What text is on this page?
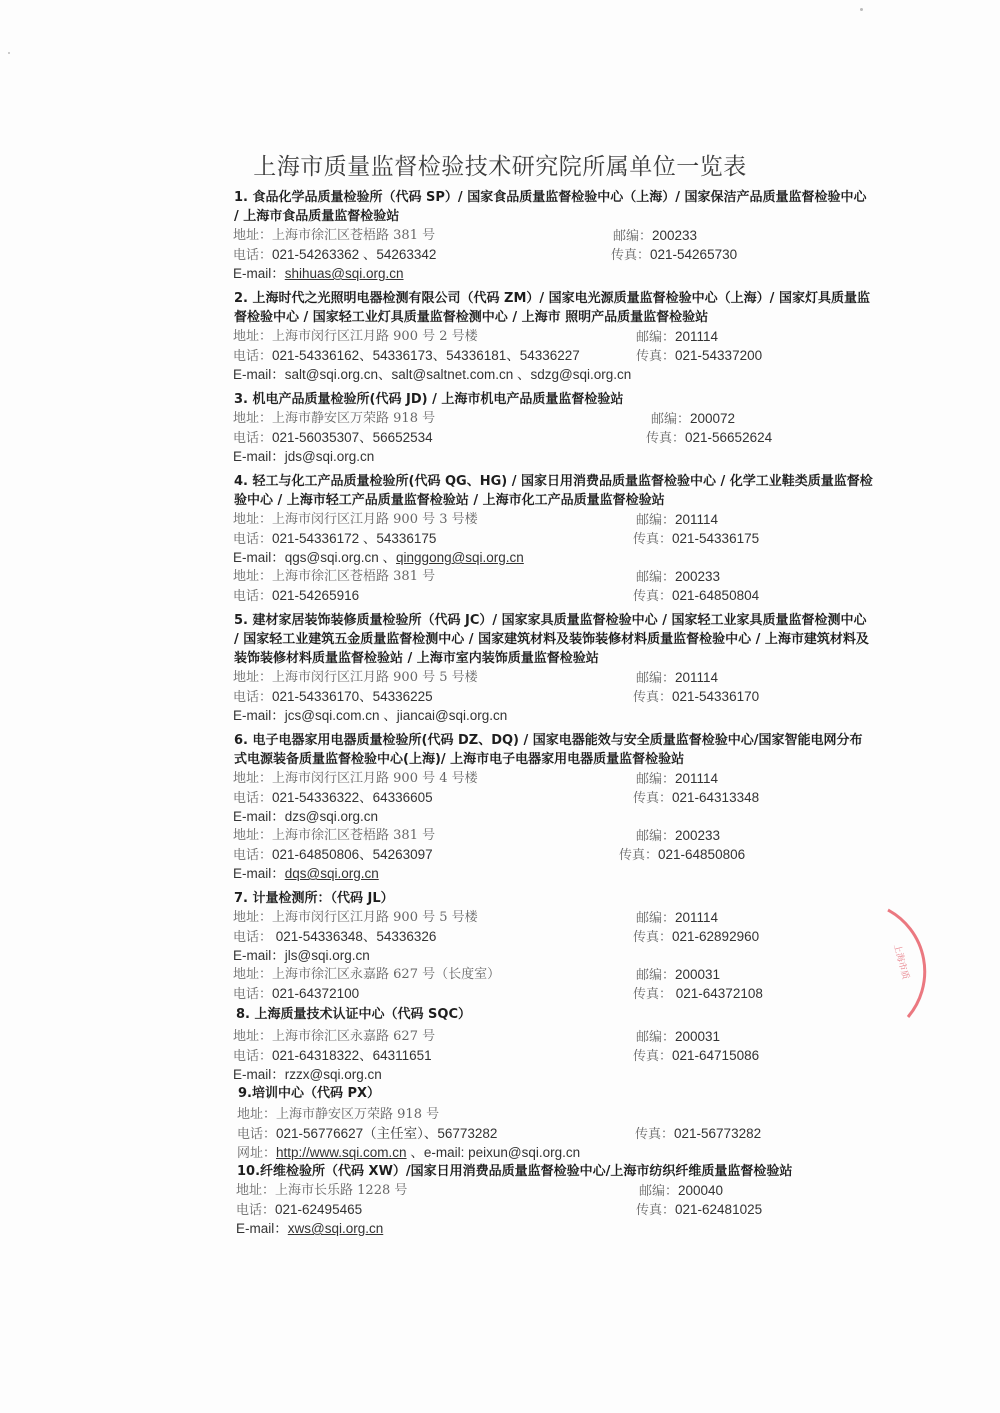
上海市质量监督检验技术研究院所属单位一览表
1. 食品化学品质量检验所（代码 SP）/ 国家食品质量监督检验中心（上海）/ 国家保洁产品质量监督检验中心 / 上海市食品质量监督检验站
地址：上海市徐汇区苍梧路 381 号	邮编：200233
电话：021-54263362 、54263342	传真：021-54265730
E-mail：shihuas@sqi.org.cn
2. 上海时代之光照明电器检测有限公司（代码 ZM）/ 国家电光源质量监督检验中心（上海）/ 国家灯具质量监督检验中心 / 国家轻工业灯具质量监督检测中心 / 上海市 照明产品质量监督检验站
地址：上海市闵行区江月路 900 号 2 号楼	邮编：201114
电话：021-54336162、54336173、54336181、54336227	传真：021-54337200
E-mail：salt@sqi.org.cn、salt@saltnet.com.cn 、sdzg@sqi.org.cn
3. 机电产品质量检验所(代码 JD) / 上海市机电产品质量监督检验站
地址：上海市静安区万荣路 918 号	邮编：200072
电话：021-56035307、56652534	传真：021-56652624
E-mail：jds@sqi.org.cn
4. 轻工与化工产品质量检验所(代码 QG、HG) / 国家日用消费品质量监督检验中心 / 化学工业鞋类质量监督检验中心 / 上海市轻工产品质量监督检验站 / 上海市化工产品质量监督检验站
地址：上海市闵行区江月路 900 号 3 号楼	邮编：201114
电话：021-54336172 、54336175	传真：021-54336175
E-mail：qgs@sqi.org.cn 、qinggong@sqi.org.cn
地址：上海市徐汇区苍梧路 381 号	邮编：200233
电话：021-54265916	传真：021-64850804
5. 建材家居装饰装修质量检验所（代码 JC）/ 国家家具质量监督检验中心 / 国家轻工业家具质量监督检测中心 / 国家轻工业建筑五金质量监督检测中心 / 国家建筑材料及装饰装修材料质量监督检验中心 / 上海市建筑材料及装饰装修材料质量监督检验站 / 上海市室内装饰质量监督检验站
地址：上海市闵行区江月路 900 号 5 号楼	邮编：201114
电话：021-54336170、54336225	传真：021-54336170
E-mail：jcs@sqi.com.cn 、jiancai@sqi.org.cn
6. 电子电器家用电器质量检验所(代码 DZ、DQ) / 国家电器能效与安全质量监督检验中心/国家智能电网分布式电源装备质量监督检验中心(上海)/ 上海市电子电器家用电器质量监督检验站
地址：上海市闵行区江月路 900 号 4 号楼	邮编：201114
电话：021-54336322、64336605	传真：021-64313348
E-mail：dzs@sqi.org.cn
地址：上海市徐汇区苍梧路 381 号	邮编：200233
电话：021-64850806、54263097	传真：021-64850806
E-mail：dqs@sqi.org.cn
7. 计量检测所：（代码 JL）
地址：上海市闵行区江月路 900 号 5 号楼	邮编：201114
电话： 021-54336348、54336326	传真：021-62892960
E-mail：jls@sqi.org.cn
地址：上海市徐汇区永嘉路 627 号（长度室）	邮编：200031
电话：021-64372100	传真： 021-64372108
8. 上海质量技术认证中心（代码 SQC）
地址：上海市徐汇区永嘉路 627 号	邮编：200031
电话：021-64318322、64311651	传真：021-64715086
E-mail：rzzx@sqi.org.cn
9.培训中心（代码 PX）
地址：上海市静安区万荣路 918 号
电话：021-56776627（主任室）、56773282	传真：021-56773282
网址：http://www.sqi.com.cn 、e-mail: peixun@sqi.org.cn
10.纤维检验所（代码 XW）/国家日用消费品质量监督检验中心/上海市纺织纤维质量监督检验站
地址：上海市长乐路 1228 号	邮编：200040
电话：021-62495465	传真：021-62481025
E-mail：xws@sqi.org.cn
上海市质
